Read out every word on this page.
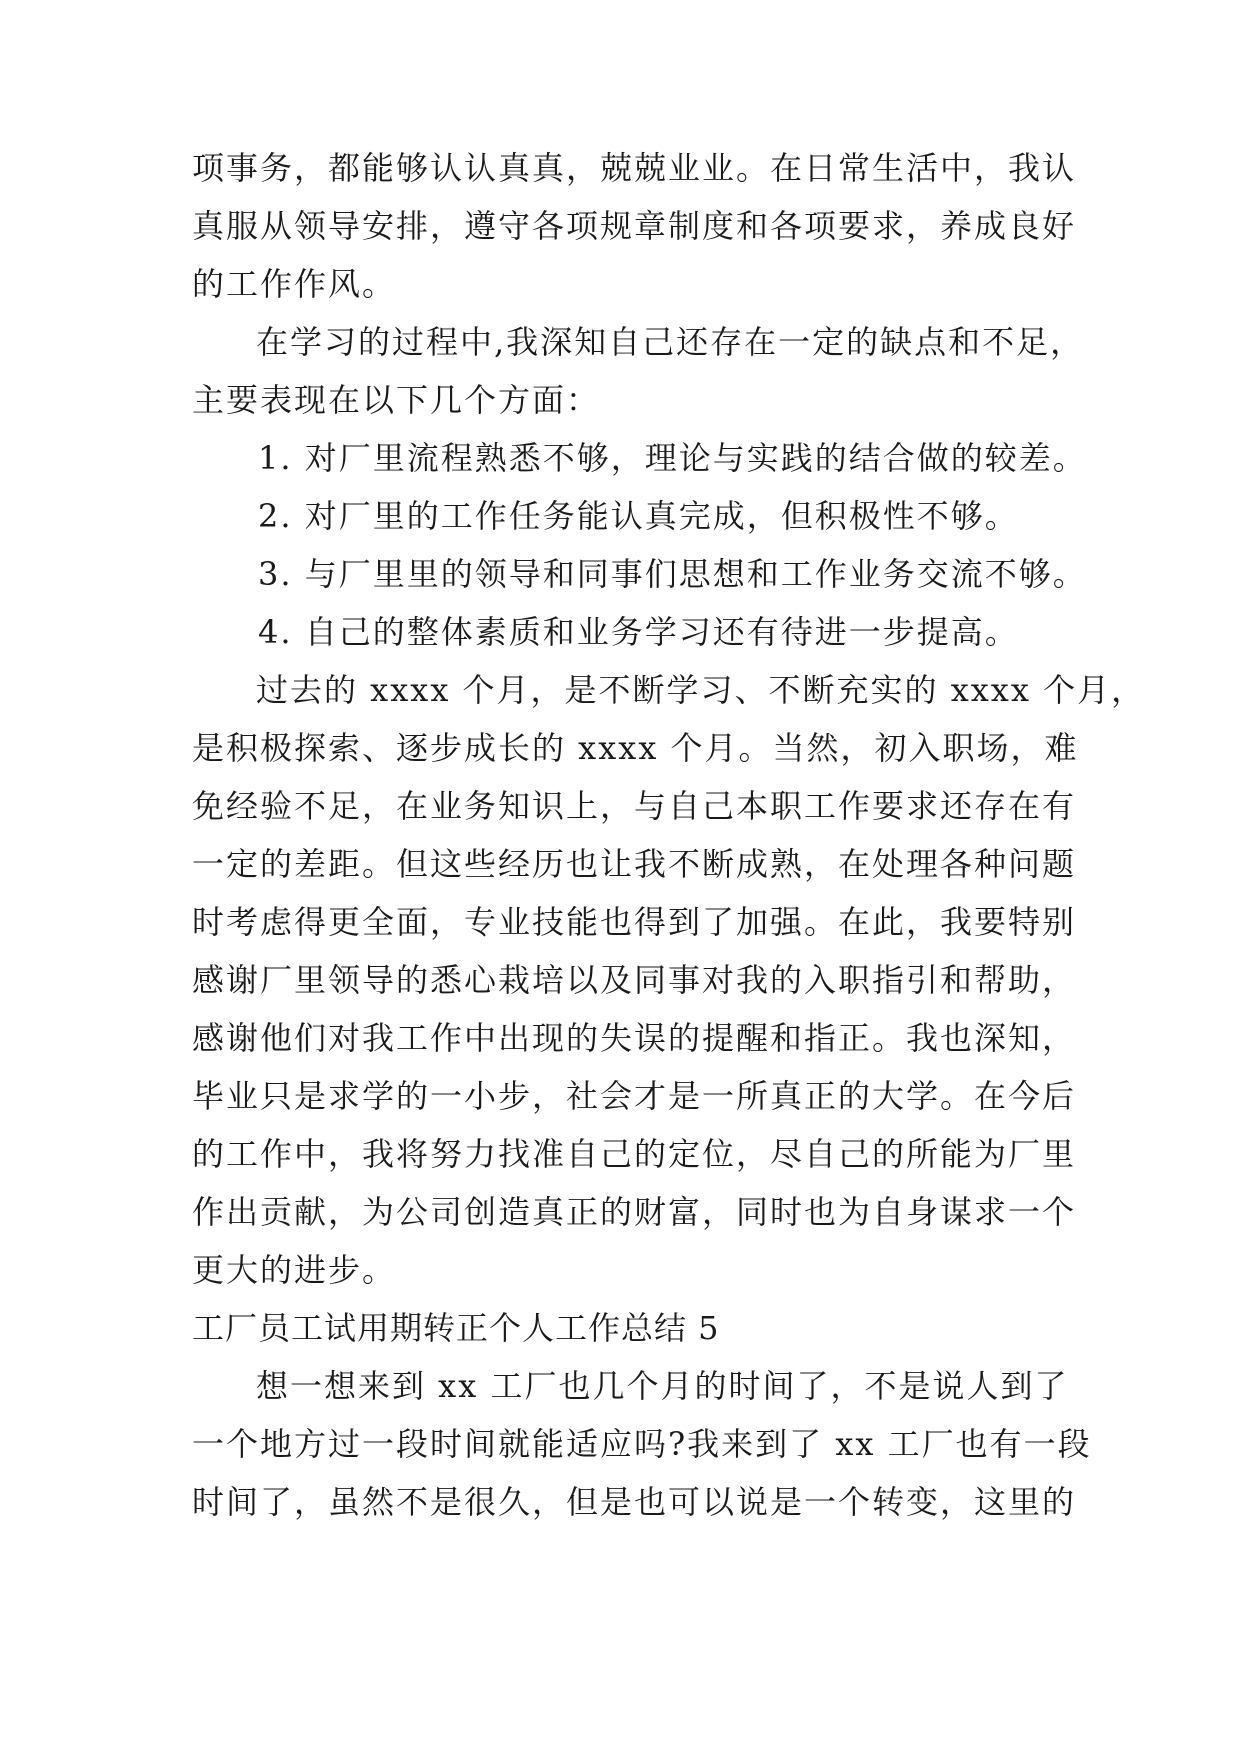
项事务，都能够认认真真，兢兢业业。在日常生活中，我认
真服从领导安排，遵守各项规章制度和各项要求，养成良好
的工作作风。
在学习的过程中,我深知自己还存在一定的缺点和不足，
主要表现在以下几个方面：
1. 对厂里流程熟悉不够，理论与实践的结合做的较差。
2. 对厂里的工作任务能认真完成，但积极性不够。
3. 与厂里里的领导和同事们思想和工作业务交流不够。
4. 自己的整体素质和业务学习还有待进一步提高。
过去的 xxxx 个月，是不断学习、不断充实的 xxxx 个月，
是积极探索、逐步成长的 xxxx 个月。当然，初入职场，难
免经验不足，在业务知识上，与自己本职工作要求还存在有
一定的差距。但这些经历也让我不断成熟，在处理各种问题
时考虑得更全面，专业技能也得到了加强。在此，我要特别
感谢厂里领导的悉心栽培以及同事对我的入职指引和帮助，
感谢他们对我工作中出现的失误的提醒和指正。我也深知，
毕业只是求学的一小步，社会才是一所真正的大学。在今后
的工作中，我将努力找准自己的定位，尽自己的所能为厂里
作出贡献，为公司创造真正的财富，同时也为自身谋求一个
更大的进步。
工厂员工试用期转正个人工作总结 5
想一想来到 xx 工厂也几个月的时间了，不是说人到了
一个地方过一段时间就能适应吗?我来到了 xx 工厂也有一段
时间了，虽然不是很久，但是也可以说是一个转变，这里的
